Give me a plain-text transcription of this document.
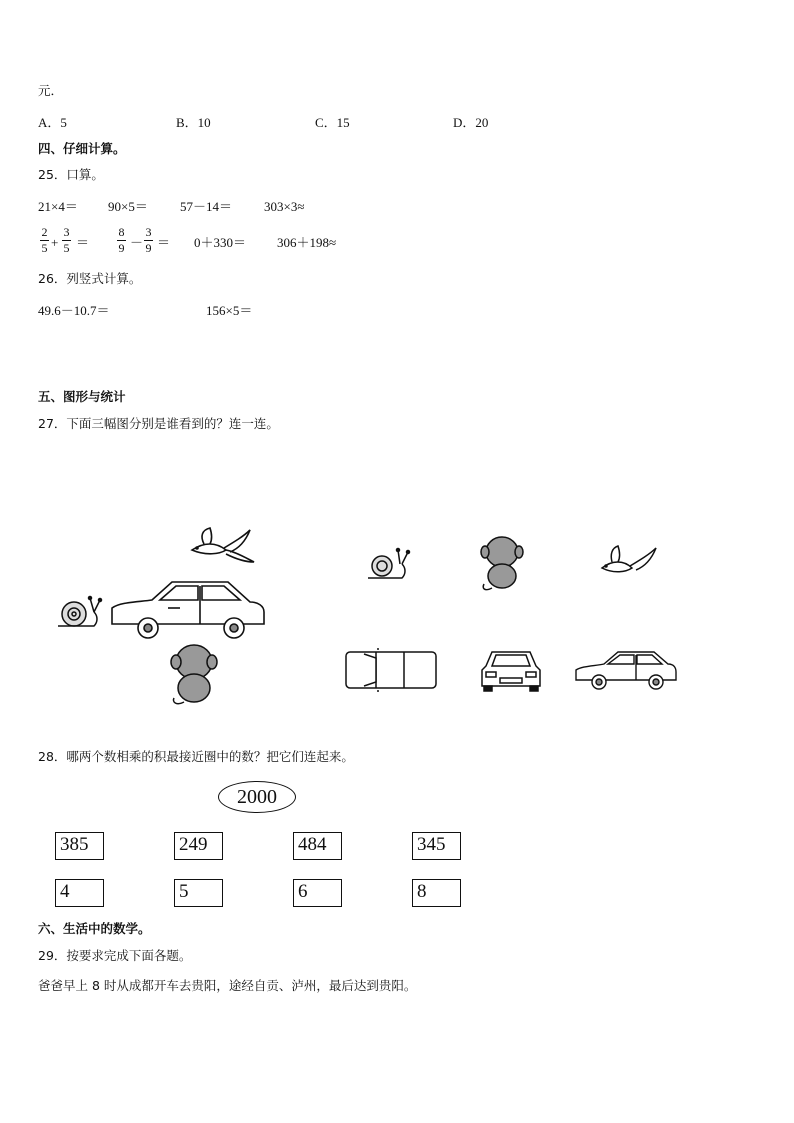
元．
A．5	B．10	C．15	D．20
四、仔细计算。
25．口算。
21×4＝ 90×5＝ 57－14＝ 303×3≈
2
5 +
3
5 ＝
8
9 －
3
9 ＝ 0＋330＝ 306＋198≈
26．列竖式计算。
49.6－10.7＝	156×5＝
五、图形与统计
27．下面三幅图分别是谁看到的？连一连。
28．哪两个数相乘的积最接近圈中的数？把它们连起来。
2000
385	249	484	345
4	5	6	8
六、生活中的数学。
29．按要求完成下面各题。
爸爸早上 8 时从成都开车去贵阳，途经自贡、泸州，最后达到贵阳。
